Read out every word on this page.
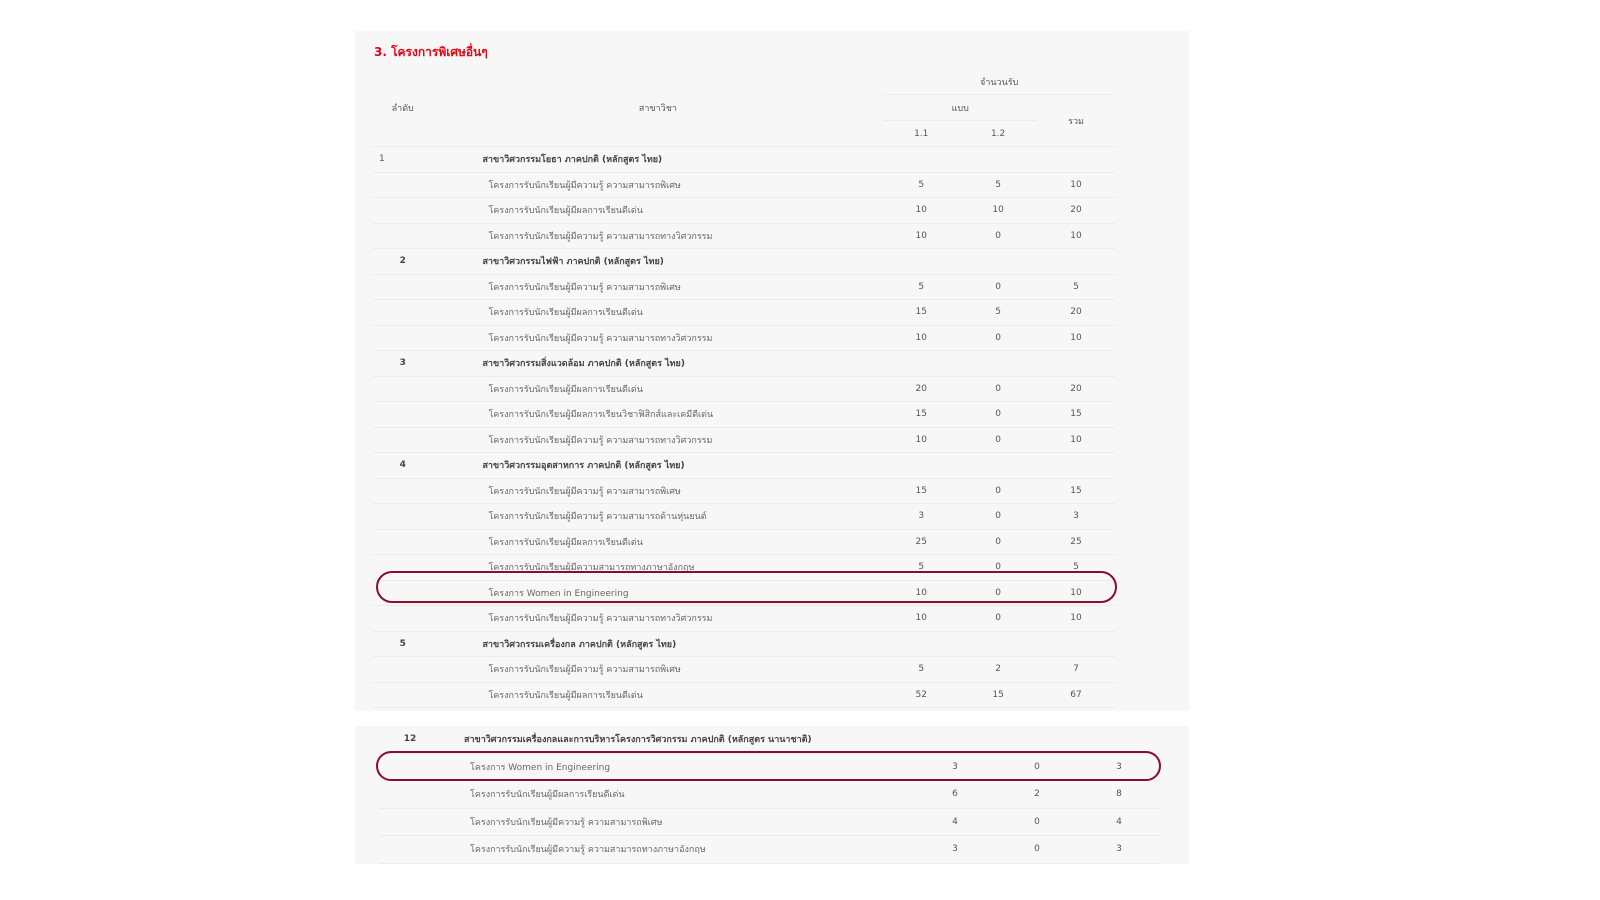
3. โครงการพิเศษอื่นๆ
ลำดับ	สาขาวิชา	จำนวนรับ		
		แบบ		รวม
		1.1	1.2	
1	สาขาวิศวกรรมโยธา ภาคปกติ (หลักสูตร ไทย)			
	โครงการรับนักเรียนผู้มีความรู้ ความสามารถพิเศษ	5	5	10
	โครงการรับนักเรียนผู้มีผลการเรียนดีเด่น	10	10	20
	โครงการรับนักเรียนผู้มีความรู้ ความสามารถทางวิศวกรรม	10	0	10
2	สาขาวิศวกรรมไฟฟ้า ภาคปกติ (หลักสูตร ไทย)			
	โครงการรับนักเรียนผู้มีความรู้ ความสามารถพิเศษ	5	0	5
	โครงการรับนักเรียนผู้มีผลการเรียนดีเด่น	15	5	20
	โครงการรับนักเรียนผู้มีความรู้ ความสามารถทางวิศวกรรม	10	0	10
3	สาขาวิศวกรรมสิ่งแวดล้อม ภาคปกติ (หลักสูตร ไทย)			
	โครงการรับนักเรียนผู้มีผลการเรียนดีเด่น	20	0	20
	โครงการรับนักเรียนผู้มีผลการเรียนวิชาฟิสิกส์และเคมีดีเด่น	15	0	15
	โครงการรับนักเรียนผู้มีความรู้ ความสามารถทางวิศวกรรม	10	0	10
4	สาขาวิศวกรรมอุตสาหการ ภาคปกติ (หลักสูตร ไทย)			
	โครงการรับนักเรียนผู้มีความรู้ ความสามารถพิเศษ	15	0	15
	โครงการรับนักเรียนผู้มีความรู้ ความสามารถด้านหุ่นยนต์	3	0	3
	โครงการรับนักเรียนผู้มีผลการเรียนดีเด่น	25	0	25
	โครงการรับนักเรียนผู้มีความสามารถทางภาษาอังกฤษ	5	0	5
	โครงการ Women in Engineering	10	0	10
	โครงการรับนักเรียนผู้มีความรู้ ความสามารถทางวิศวกรรม	10	0	10
5	สาขาวิศวกรรมเครื่องกล ภาคปกติ (หลักสูตร ไทย)			
	โครงการรับนักเรียนผู้มีความรู้ ความสามารถพิเศษ	5	2	7
	โครงการรับนักเรียนผู้มีผลการเรียนดีเด่น	52	15	67
12	สาขาวิศวกรรมเครื่องกลและการบริหารโครงการวิศวกรรม ภาคปกติ (หลักสูตร นานาชาติ)			
	โครงการ Women in Engineering	3	0	3
	โครงการรับนักเรียนผู้มีผลการเรียนดีเด่น	6	2	8
	โครงการรับนักเรียนผู้มีความรู้ ความสามารถพิเศษ	4	0	4
	โครงการรับนักเรียนผู้มีความรู้ ความสามารถทางภาษาอังกฤษ	3	0	3
